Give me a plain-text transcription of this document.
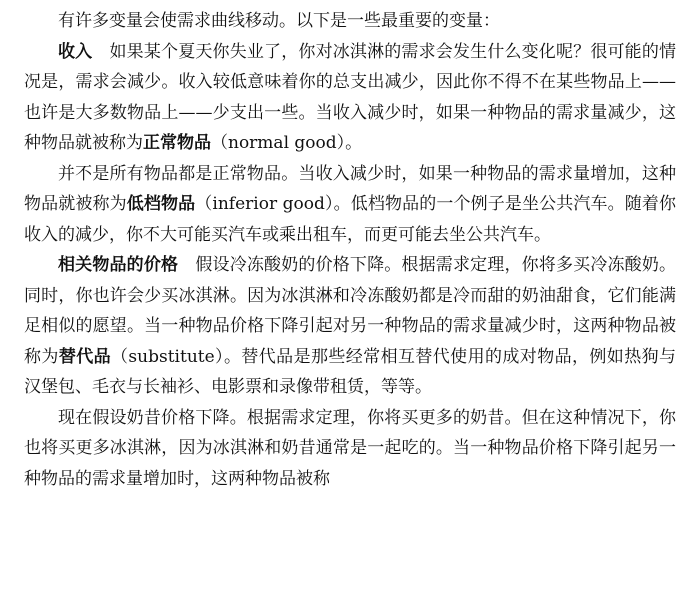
有许多变量会使需求曲线移动。以下是一些最重要的变量：

收入　如果某个夏天你失业了，你对冰淇淋的需求会发生什么变化呢？很可能的情况是，需求会减少。收入较低意味着你的总支出减少，因此你不得不在某些物品上——也许是大多数物品上——少支出一些。当收入减少时，如果一种物品的需求量减少，这种物品就被称为正常物品（normal good）。

并不是所有物品都是正常物品。当收入减少时，如果一种物品的需求量增加，这种物品就被称为低档物品（inferior good）。低档物品的一个例子是坐公共汽车。随着你收入的减少，你不大可能买汽车或乘出租车，而更可能去坐公共汽车。

相关物品的价格　假设冷冻酸奶的价格下降。根据需求定理，你将多买冷冻酸奶。同时，你也许会少买冰淇淋。因为冰淇淋和冷冻酸奶都是冷而甜的奶油甜食，它们能满足相似的愿望。当一种物品价格下降引起对另一种物品的需求量减少时，这两种物品被称为替代品（substitute）。替代品是那些经常相互替代使用的成对物品，例如热狗与汉堡包、毛衣与长袖衫、电影票和录像带租赁，等等。

现在假设奶昔价格下降。根据需求定理，你将买更多的奶昔。但在这种情况下，你也将买更多冰淇淋，因为冰淇淋和奶昔通常是一起吃的。当一种物品价格下降引起另一种物品的需求量增加时，这两种物品被称
